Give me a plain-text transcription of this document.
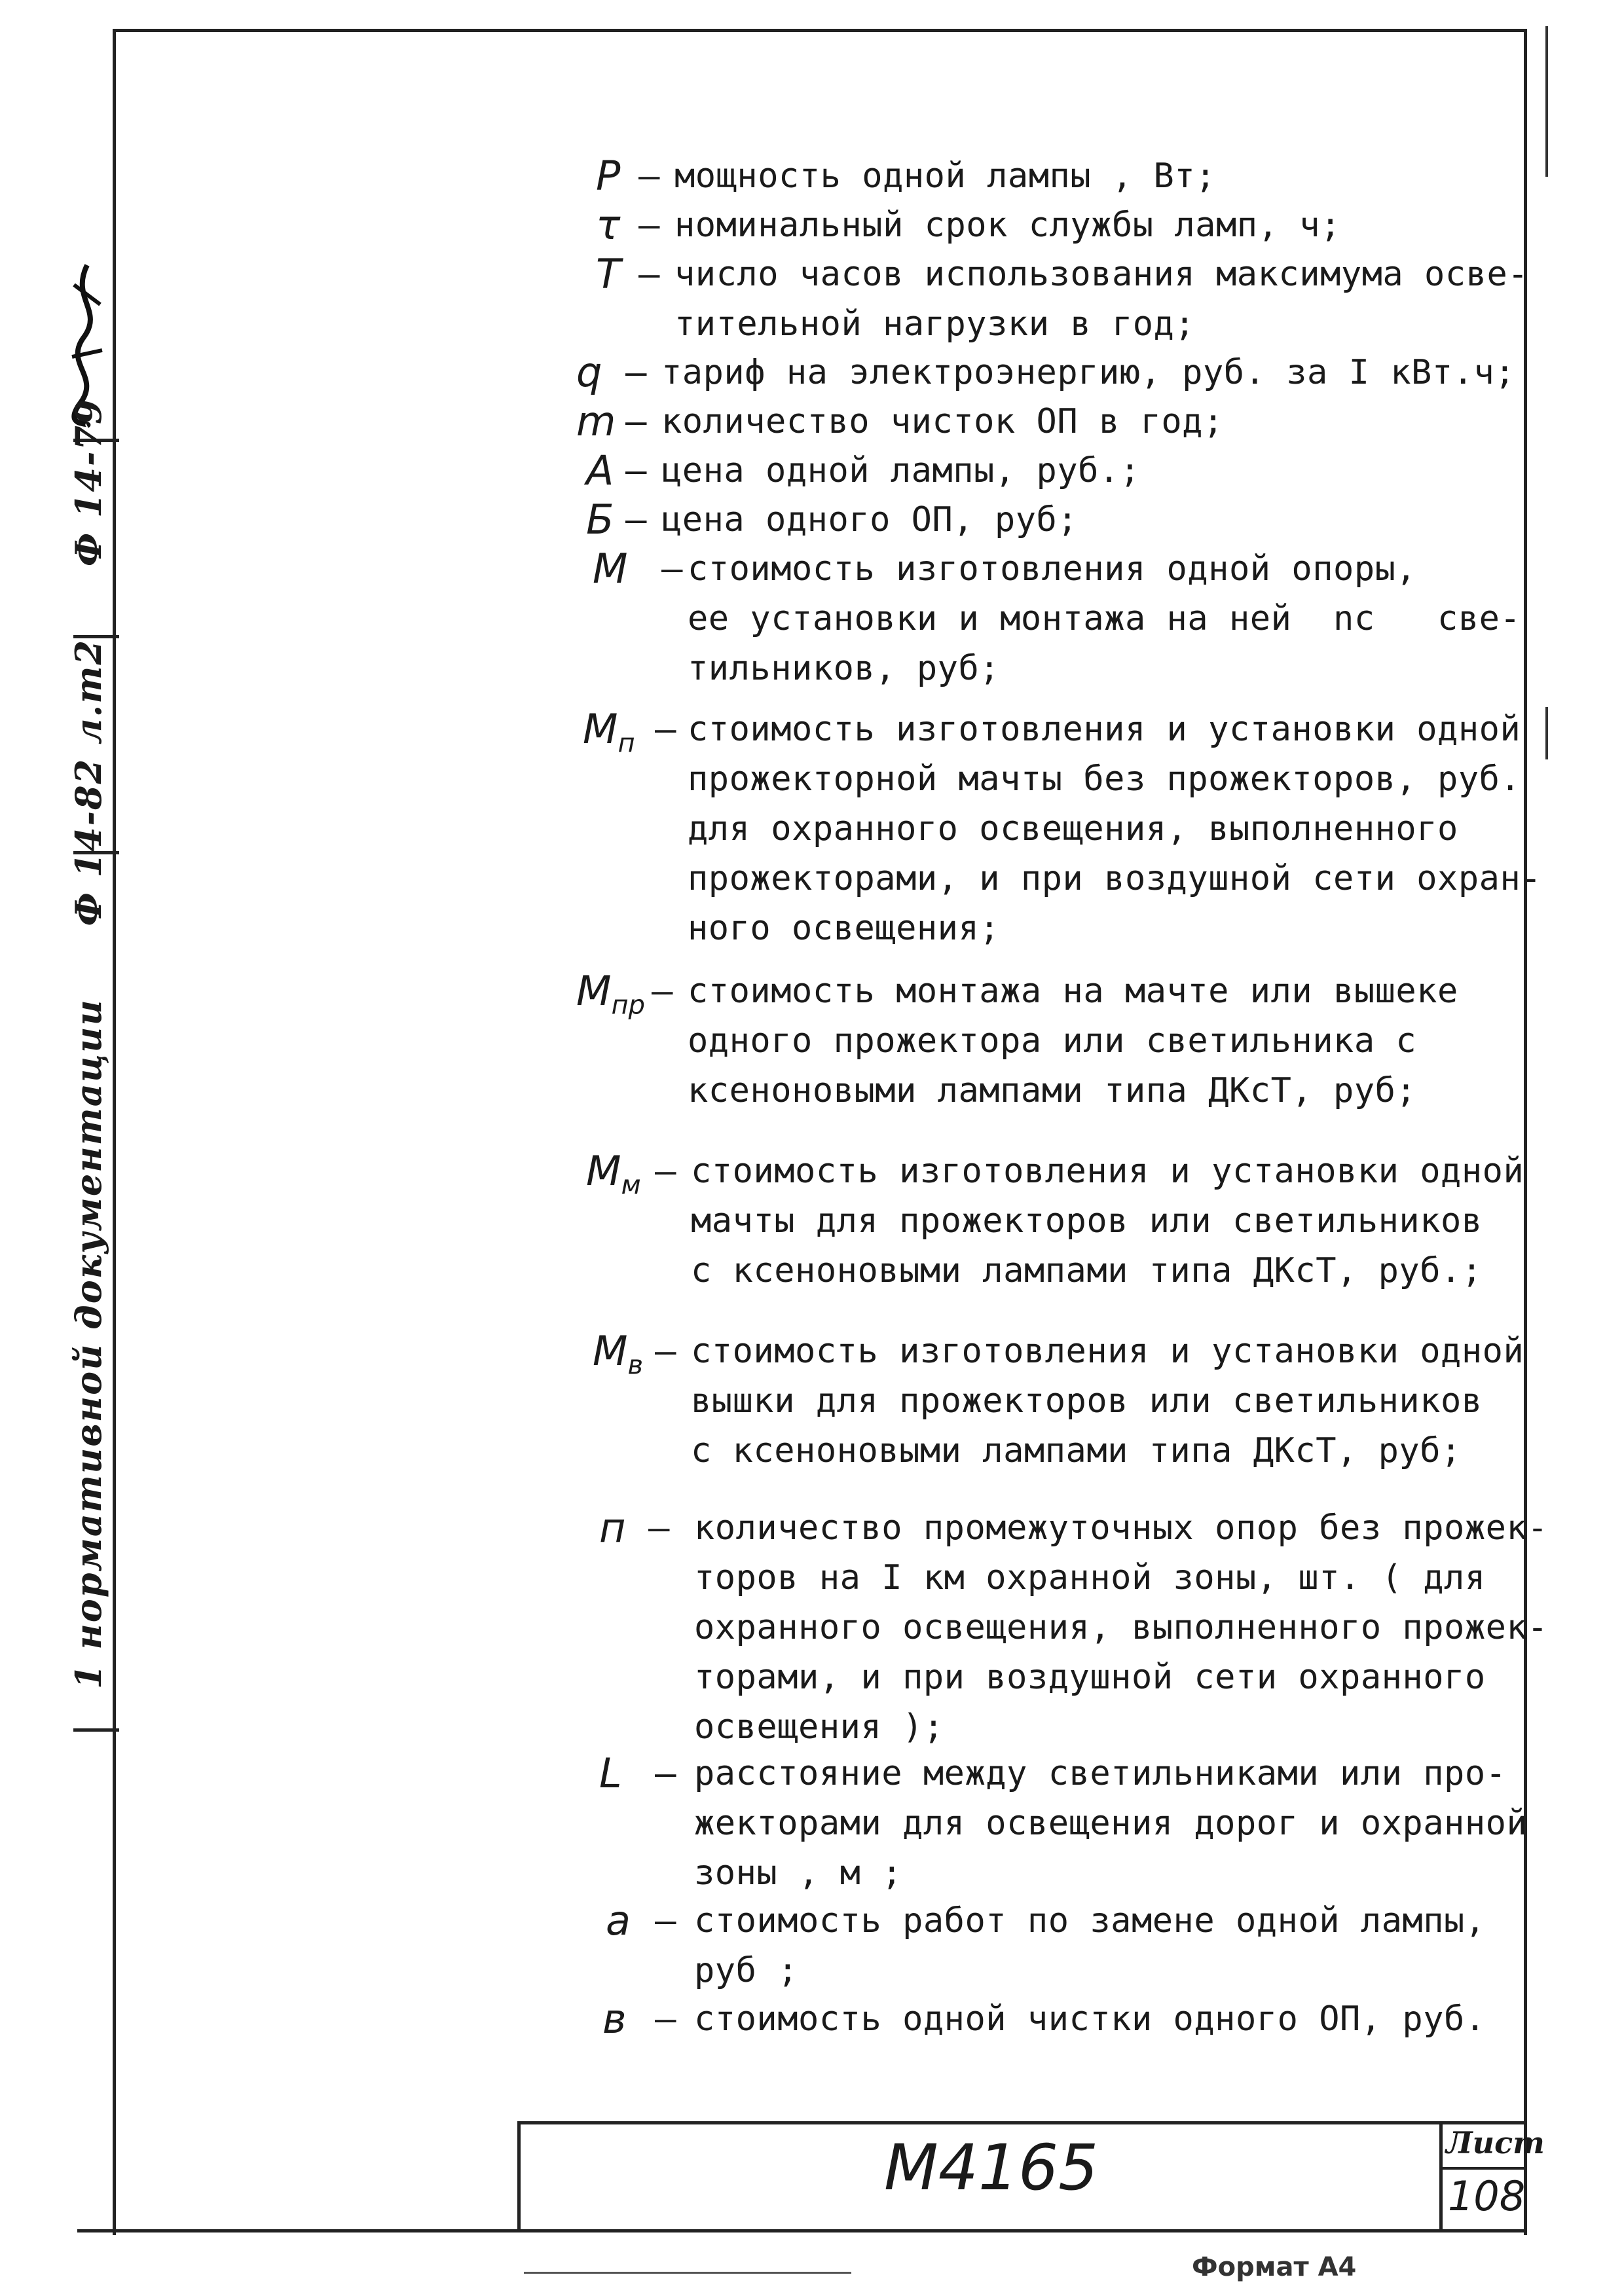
1 нормативной документации Ф 14-82 л.т2 Ф 14-79
P – мощность одной лампы , Вт;
τ – номинальный срок службы ламп, ч;
Т – число часов использования максимума осве-
тительной нагрузки в год;
q – тариф на электроэнергию, руб. за I кВт.ч;
m – количество чисток ОП в год;
А – цена одной лампы, руб.;
Б – цена одного ОП, руб;
М – стоимость изготовления одной опоры,
ее установки и монтажа на ней  nc   све-
тильников, руб;
$М_п$ – стоимость изготовления и установки одной
прожекторной мачты без прожекторов, руб.
для охранного освещения, выполненного
прожекторами, и при воздушной сети охран-
ного освещения;
$М_{пр}$ – стоимость монтажа на мачте или вышеке
одного прожектора или светильника с
ксеноновыми лампами типа ДКсТ, руб;
$М_м$ – стоимость изготовления и установки одной
мачты для прожекторов или светильников
с ксеноновыми лампами типа ДКсТ, руб.;
$М_в$ – стоимость изготовления и установки одной
вышки для прожекторов или светильников
с ксеноновыми лампами типа ДКсТ, руб;
п – количество промежуточных опор без прожек-
торов на I км охранной зоны, шт. ( для
охранного освещения, выполненного прожек-
торами, и при воздушной сети охранного
освещения );
L – расстояние между светильниками или про-
жекторами для освещения дорог и охранной
зоны , м ;
а – стоимость работ по замене одной лампы,
руб ;
в – стоимость одной чистки одного ОП, руб.
М4165	Лист
108
Формат А4
